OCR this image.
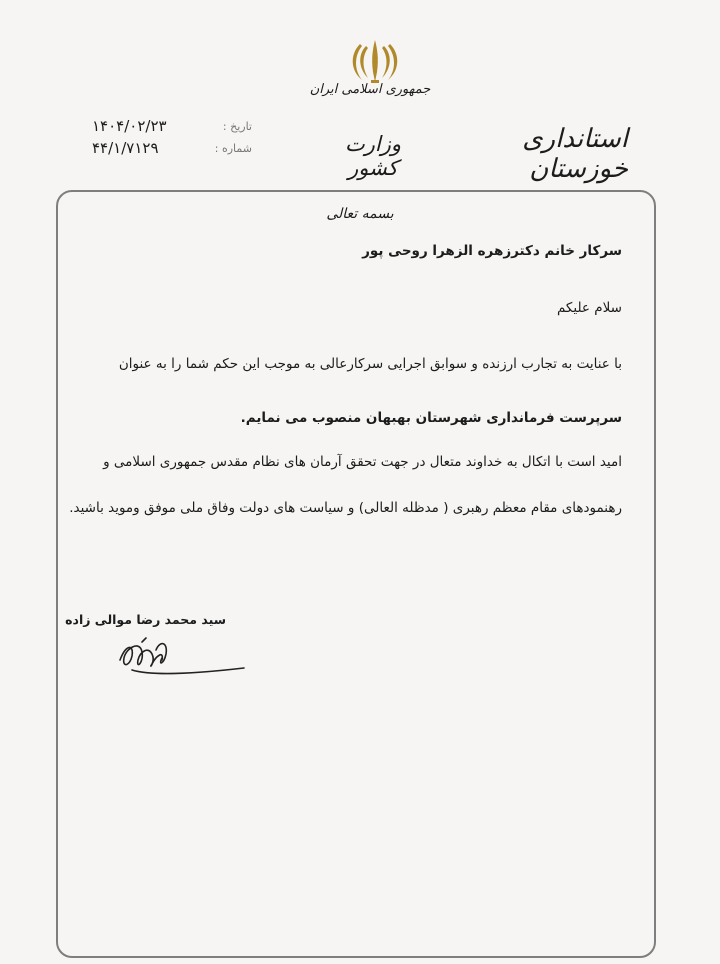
جمهوری اسلامی ایران
وزارت کشور
استانداری خوزستان
۱۴۰۴/۰۲/۲۳	تاریخ :
۴۴/۱/۷۱۲۹	شماره :
بسمه تعالی
سرکار خانم دکترزهره الزهرا روحی پور
سلام علیکم
با عنایت به تجارب ارزنده و سوابق اجرایی سرکارعالی به موجب این حکم شما را به عنوان
سرپرست فرمانداری شهرستان بهبهان منصوب می نمایم.
امید است با اتکال به خداوند متعال در جهت تحقق آرمان های نظام مقدس جمهوری اسلامی و
رهنمودهای مقام معظم رهبری ( مدظله العالی) و سیاست های دولت وفاق ملی موفق وموید باشید.
سید محمد رضا موالی زاده
